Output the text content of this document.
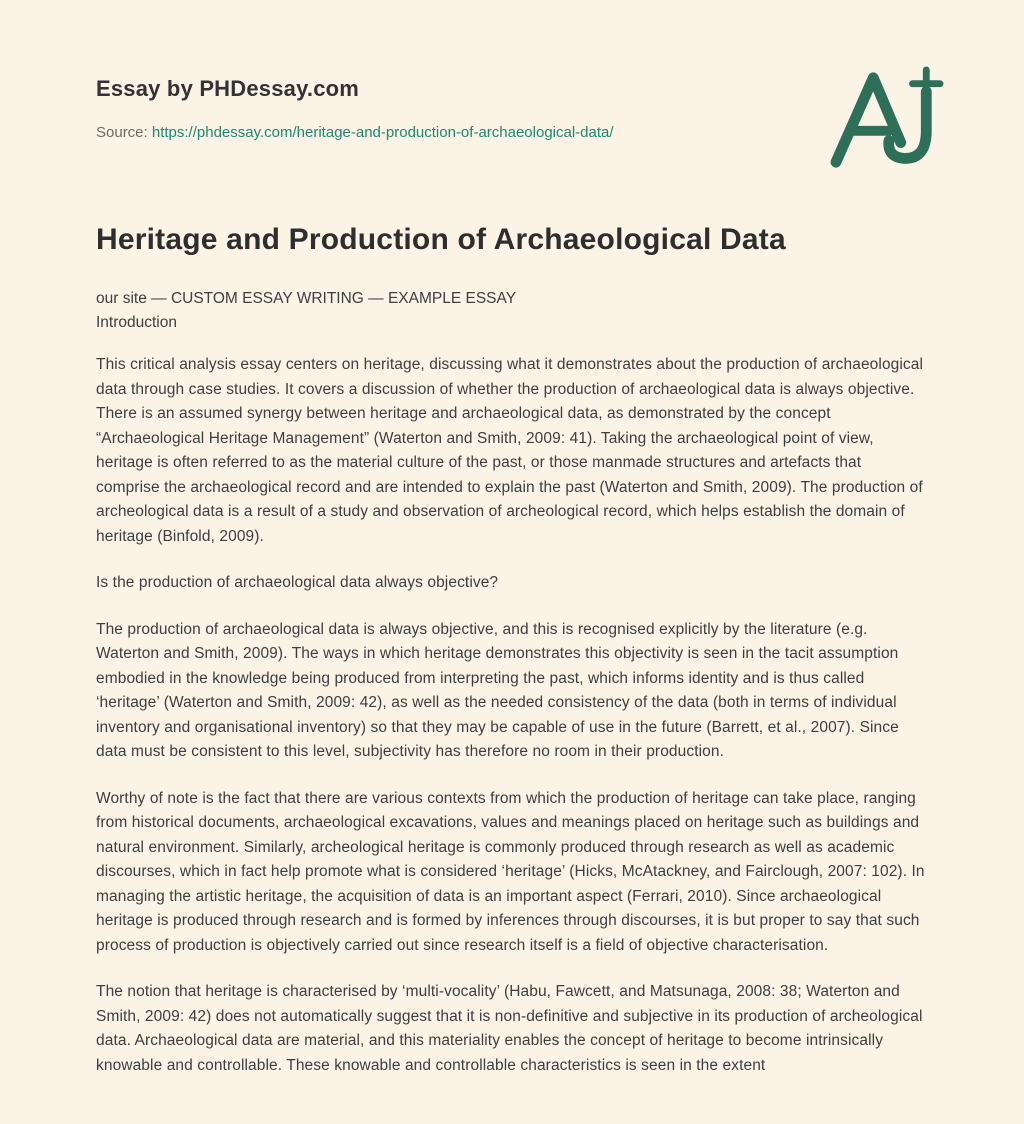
Essay by PHDessay.com
Source: https://phdessay.com/heritage-and-production-of-archaeological-data/
Heritage and Production of Archaeological Data
our site — CUSTOM ESSAY WRITING — EXAMPLE ESSAY
Introduction

This critical analysis essay centers on heritage, discussing what it demonstrates about the production of archaeological data through case studies. It covers a discussion of whether the production of archaeological data is always objective. There is an assumed synergy between heritage and archaeological data, as demonstrated by the concept “Archaeological Heritage Management” (Waterton and Smith, 2009: 41). Taking the archaeological point of view, heritage is often referred to as the material culture of the past, or those manmade structures and artefacts that comprise the archaeological record and are intended to explain the past (Waterton and Smith, 2009). The production of archeological data is a result of a study and observation of archeological record, which helps establish the domain of heritage (Binfold, 2009).

Is the production of archaeological data always objective?

The production of archaeological data is always objective, and this is recognised explicitly by the literature (e.g. Waterton and Smith, 2009). The ways in which heritage demonstrates this objectivity is seen in the tacit assumption embodied in the knowledge being produced from interpreting the past, which informs identity and is thus called ‘heritage’ (Waterton and Smith, 2009: 42), as well as the needed consistency of the data (both in terms of individual inventory and organisational inventory) so that they may be capable of use in the future (Barrett, et al., 2007). Since data must be consistent to this level, subjectivity has therefore no room in their production.

Worthy of note is the fact that there are various contexts from which the production of heritage can take place, ranging from historical documents, archaeological excavations, values and meanings placed on heritage such as buildings and natural environment. Similarly, archeological heritage is commonly produced through research as well as academic discourses, which in fact help promote what is considered ‘heritage’ (Hicks, McAtackney, and Fairclough, 2007: 102). In managing the artistic heritage, the acquisition of data is an important aspect (Ferrari, 2010). Since archaeological heritage is produced through research and is formed by inferences through discourses, it is but proper to say that such process of production is objectively carried out since research itself is a field of objective characterisation.

The notion that heritage is characterised by ‘multi-vocality’ (Habu, Fawcett, and Matsunaga, 2008: 38; Waterton and Smith, 2009: 42) does not automatically suggest that it is non-definitive and subjective in its production of archeological data. Archaeological data are material, and this materiality enables the concept of heritage to become intrinsically knowable and controllable. These knowable and controllable characteristics is seen in the extent
